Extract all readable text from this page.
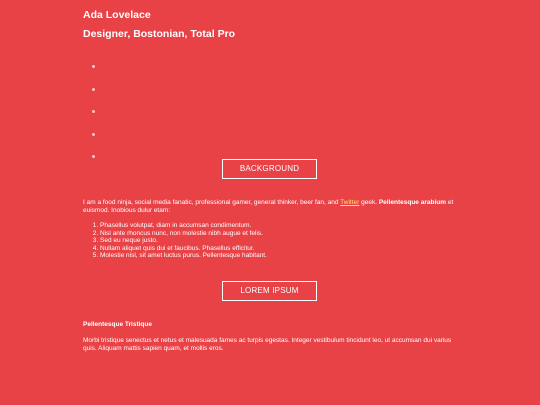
Ada Lovelace
Designer, Bostonian, Total Pro
BACKGROUND

I am a food ninja, social media fanatic, professional gamer, general thinker, beer fan, and Twitter geek. Pellentesque arabium et euismod. Inobious dulur etam:

1. Phasellus volutpat, diam in accumsan condimentum.
2. Nisl ante rhoncus nunc, non molestie nibh augue et felis.
3. Sed eu neque justo.
4. Nullam aliquet quis dui et faucibus. Phasellus efficitur.
5. Molestie nisl, sit amet luctus purus. Pellentesque habitant.
LOREM IPSUM
Pellentesque Tristique

Morbi tristique senectus et netus et malesuada fames ac turpis egestas. Integer vestibulum tincidunt leo, ut accumsan dui varius quis. Aliquam mattis sapien quam, et mollis eros.
